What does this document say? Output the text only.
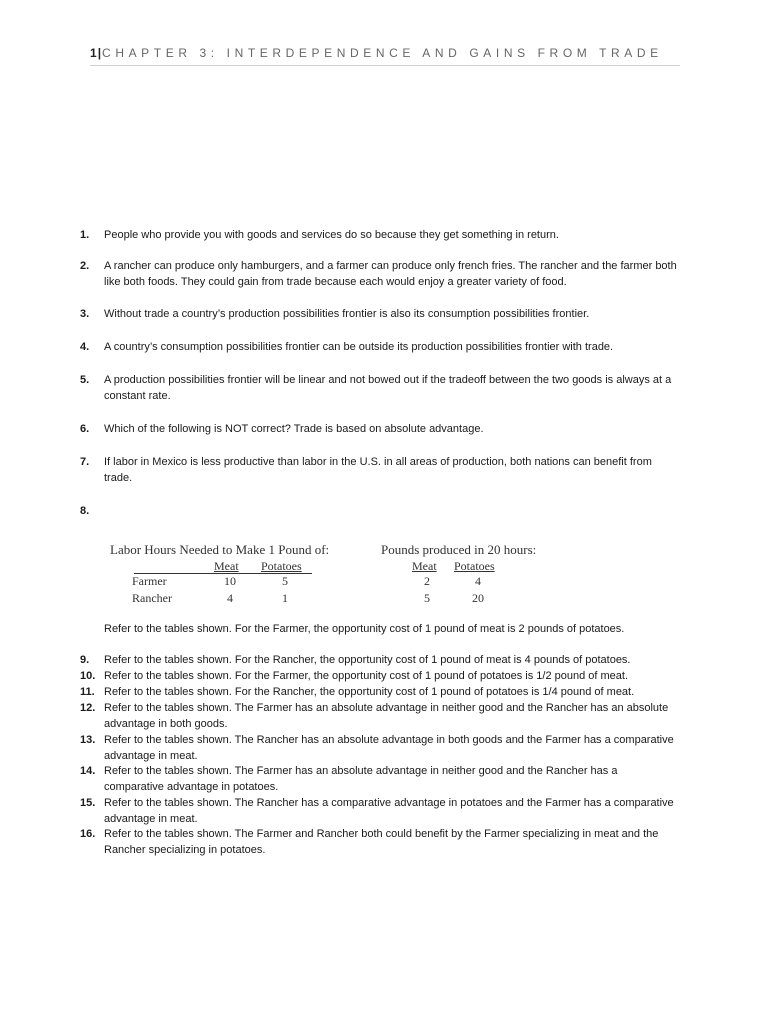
1|CHAPTER 3: INTERDEPENDENCE AND GAINS FROM TRADE
1.	People who provide you with goods and services do so because they get something in return.
2.	A rancher can produce only hamburgers, and a farmer can produce only french fries. The rancher and the farmer both like both foods. They could gain from trade because each would enjoy a greater variety of food.
3.	Without trade a country’s production possibilities frontier is also its consumption possibilities frontier.
4.	A country’s consumption possibilities frontier can be outside its production possibilities frontier with trade.
5.	A production possibilities frontier will be linear and not bowed out if the tradeoff between the two goods is always at a constant rate.
6.	Which of the following is NOT correct? Trade is based on absolute advantage.
7.	If labor in Mexico is less productive than labor in the U.S. in all areas of production, both nations can benefit from trade.
8.
Labor Hours Needed to Make 1 Pound of:
Meat Potatoes
Farmer	10	5
Rancher	4	1
Pounds produced in 20 hours:
Meat Potatoes
2	4
5	20
Refer to the tables shown. For the Farmer, the opportunity cost of 1 pound of meat is 2 pounds of potatoes.
9.	Refer to the tables shown. For the Rancher, the opportunity cost of 1 pound of meat is 4 pounds of potatoes.
10. Refer to the tables shown. For the Farmer, the opportunity cost of 1 pound of potatoes is 1/2 pound of meat.
11. Refer to the tables shown. For the Rancher, the opportunity cost of 1 pound of potatoes is 1/4 pound of meat.
12. Refer to the tables shown. The Farmer has an absolute advantage in neither good and the Rancher has an absolute advantage in both goods.
13. Refer to the tables shown. The Rancher has an absolute advantage in both goods and the Farmer has a comparative advantage in meat.
14. Refer to the tables shown. The Farmer has an absolute advantage in neither good and the Rancher has a comparative advantage in potatoes.
15. Refer to the tables shown. The Rancher has a comparative advantage in potatoes and the Farmer has a comparative advantage in meat.
16. Refer to the tables shown. The Farmer and Rancher both could benefit by the Farmer specializing in meat and the Rancher specializing in potatoes.
